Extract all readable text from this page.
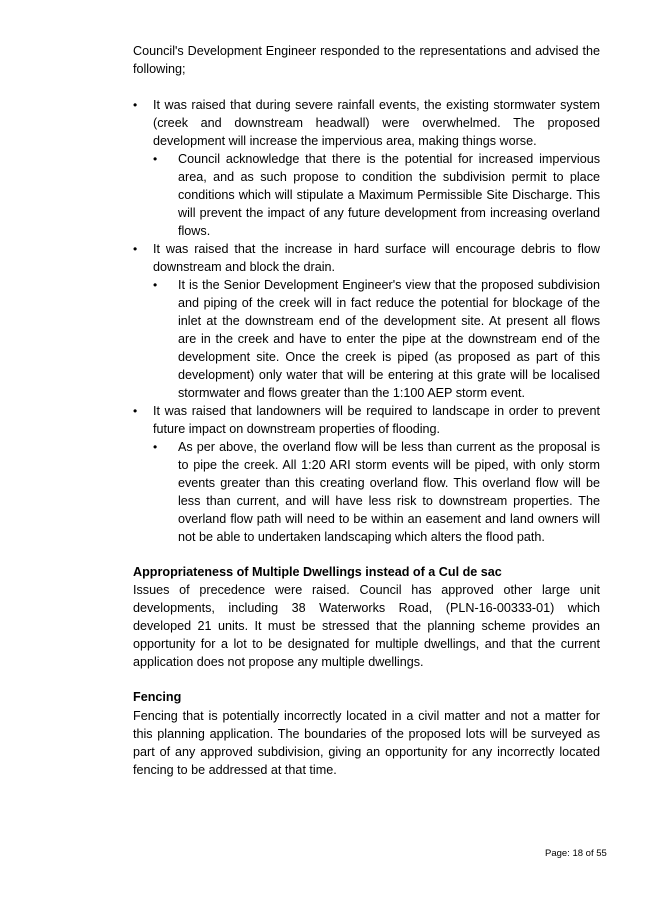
Council's Development Engineer responded to the representations and advised the following;

• It was raised that during severe rainfall events, the existing stormwater system (creek and downstream headwall) were overwhelmed. The proposed development will increase the impervious area, making things worse.
• Council acknowledge that there is the potential for increased impervious area, and as such propose to condition the subdivision permit to place conditions which will stipulate a Maximum Permissible Site Discharge. This will prevent the impact of any future development from increasing overland flows.
• It was raised that the increase in hard surface will encourage debris to flow downstream and block the drain.
• It is the Senior Development Engineer's view that the proposed subdivision and piping of the creek will in fact reduce the potential for blockage of the inlet at the downstream end of the development site. At present all flows are in the creek and have to enter the pipe at the downstream end of the development site. Once the creek is piped (as proposed as part of this development) only water that will be entering at this grate will be localised stormwater and flows greater than the 1:100 AEP storm event.
• It was raised that landowners will be required to landscape in order to prevent future impact on downstream properties of flooding.
• As per above, the overland flow will be less than current as the proposal is to pipe the creek. All 1:20 ARI storm events will be piped, with only storm events greater than this creating overland flow. This overland flow will be less than current, and will have less risk to downstream properties. The overland flow path will need to be within an easement and land owners will not be able to undertaken landscaping which alters the flood path.
Appropriateness of Multiple Dwellings instead of a Cul de sac

Issues of precedence were raised. Council has approved other large unit developments, including 38 Waterworks Road, (PLN-16-00333-01) which developed 21 units. It must be stressed that the planning scheme provides an opportunity for a lot to be designated for multiple dwellings, and that the current application does not propose any multiple dwellings.

Fencing

Fencing that is potentially incorrectly located in a civil matter and not a matter for this planning application. The boundaries of the proposed lots will be surveyed as part of any approved subdivision, giving an opportunity for any incorrectly located fencing to be addressed at that time.

Page: 18 of 55
